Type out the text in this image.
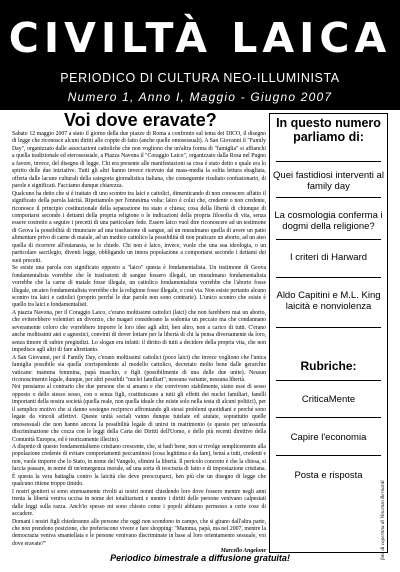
CIVILTÀ LAICA
PERIODICO DI CULTURA NEO-ILLUMINISTA
Numero 1, Anno I, Maggio - Giugno 2007
Voi dove eravate?

Sabato 12 maggio 2007 a stato il giorno della due piazze di Roma a confronto sul tema dei DICO, il disegno di legge che riconosce alcuni diritti alle coppie di fatto (anche quelle omosessuali). A San Giovanni il "Family Day", organizzato dalle associazioni cattoliche che non vogliono che un'altra forma di "famiglia" si affianchi a quella tradizionale ed eterosessuale, a Piazza Navona il "Coraggio Laico", organizzato dalla Rosa nel Pugno a favore, invece, del disegno di legge. Chi era presente alle manifestazioni sa cosa è stato detto e quale era lo spirito delle due iniziative. Tutti gli altri hanno invece ricevuto dai mass-media la solita lettura sbagliata, offerta dalle lacune culturali della categoria giornalistica italiana, che conseguente risultato confusionario, di parole e significati. Facciamo dunque chiarezza.

Qualcuno ha detto che si è trattato di uno scontro tra laici e cattolici, dimenticando di non conoscere affatto il significato della parola laicità. Ripetiamolo per l'ennesima volta: laico è colui che, credente o non credente, riconosce il principio costituzionale della separazione tra stato e chiesa; cosa della libertà di chiunque di comportarsi secondo i dettami della propria religione o le indicazioni della propria filosofia di vita, senza essere costretto a seguire i precetti di una particolare fede. Essere laico vuol dire riconoscere ad un testimone di Geova la possibilità di rinunciare ad una trasfusione di sangue, ad un musulmano quella di avere un patto alimentare privo di carne di maiale, ad un medico cattolico la possibilità di non praticare un aborto, ad un ateo quella di ricorrere all'eutanasia, se lo chiede. Chi non è laico, invece, vuole che una sua ideologia, o un particolare sacrilegio, diventi legge, obbligando un intera popolazione a comportarsi secondo i dettami dei suoi precetti.

Se esiste una parola con significato opposto a "laico" questa è fondamentalista. Un testimone di Geova fondamentalista vorrebbe che le trasfusioni di sangue fossero illegali, un musulmano fondamentalista vorrebbe che la carne di maiale fosse illegale, un cattolico fondamentalista vorrebbe che l'aborto fosse illegale, un ateo fondamentalista vorrebbe che la religione fosse illegale, e così via. Non esiste pertanto alcuno scontro tra laici e cattolici (proprio perché le due parole non sono contrarie). L'unico scontro che esiste è quello tra laici e fondamentalisti.

A piazza Navona, per il Coraggio Laico, c'erano moltissimi cattolici (laici) che non farebbero mai un aborto, che eviterebbero volentieri un divorzio, che magari considerano la sodomia un peccato ma che condannano severamente coloro che vorrebbero imporre le loro idee agli altri, ben altro, non a carico di tutti. C'erano anche moltissimi atei e agnostici, convinti di dover lottare per la libertà di chi la pensa diversamente da loro, senza timore di subire pregiudizi. Lo slogan era infatti: il diritto di tutti a decidere della propria vita, che non impedisce agli altri di fare altrettanto.

A San Giovanni, per il Family Day, c'erano moltissimi cattolici (poco laici) che invece vogliono che l'unica famiglia possibile sia quella corrispondente al modello cattolico, decretato molto bene dalle gerarchie vaticane: mamma femmina, papà maschio, e figli (possibilmente di una delle due unite). Nessun riconoscimento legale, dunque, per altri possibili "nuclei familiari", nessuna variante, nessuna libertà.

Noi pensiamo al contrario che due persone che si amano e che convivono stabilmente, siano esse di sesso opposto o dello stesso sesso, con o senza figli, costituiscano a tutti gli effetti dei nuclei familiari, fanelli importanti della nostra società (quella reale, non quella ideale che esiste solo nella testa di alcuni politici), per il semplice motivo che si danno sostegno reciproco affrontando gli stessi problemi quotidiani e perché sono legate da vincoli affettivi. Queste unità sociali vanno dunque tutelate ed aiutate, soprattutto quelle omosessuali che non hanno ancora la possibilità legale di unirsi in matrimonio (e questo per un'assurda discriminazione che cozza con le leggi della Carta dei Diritti dell'Uomo, e delle più recenti direttive della Comunità Europea, ed è teoricamente illecito).

A dispetto di questo fondamentalismo cristiano crescente, che, si badi bene, non si rivolge semplicemente alla popolazione credente di evitare comportamenti peccaminosi (cosa legittima e da fare), bensì a tutti, credenti e non, vuole imporre che lo Stato, in nome del Vangelo, elimini la libertà. Il pericolo concreto è che la chiesa, si faccia passare, in nome di un'emergenza morale, ad una sorta di teocrazia di fatto e di impostazione cristiana. È questa la vera battaglia contro la laicità che deve preoccuparci, ben più che un disegno di legge che qualcuno ritiene troppo timido.

I nostri genitori si sono strenuamente rivolti ai nostri nonni chiedendo loro dove fossero mentre negli anni trenta la libertà veniva uccisa in nome dei totalitarismi e mentre i diritti delle persone venivano calpestati dalle leggi sulla razza. Anch'io spesso mi sono chiesto come i popoli abbiano permesso a certe cose di accadere.

Domani i nostri figli chiederanno alle persone che oggi non scendono in campo, che si girano dall'altra parte, che non prendono posizione, che preferiscono vivere e fare shopping: "Mamma, papà, ma nel 2007, mentre la democrazia veniva smantellata e le persone venivano discriminate in base al loro orientamento sessuale, voi dove eravate?"

Marcello Angelone

In questo numero
parliamo di:
Quei fastidiosi interventi al
family day
La cosmologia conferma i
dogmi della religione?
I criteri di Harward
Aldo Capitini e M.L. King
laicità e nonviolenza
Rubriche:
CriticaMente
Capire l'economia
Posta e risposta
foto di copertina di Vincenzo Bernardi
Periodico bimestrale a diffusione gratuita!
